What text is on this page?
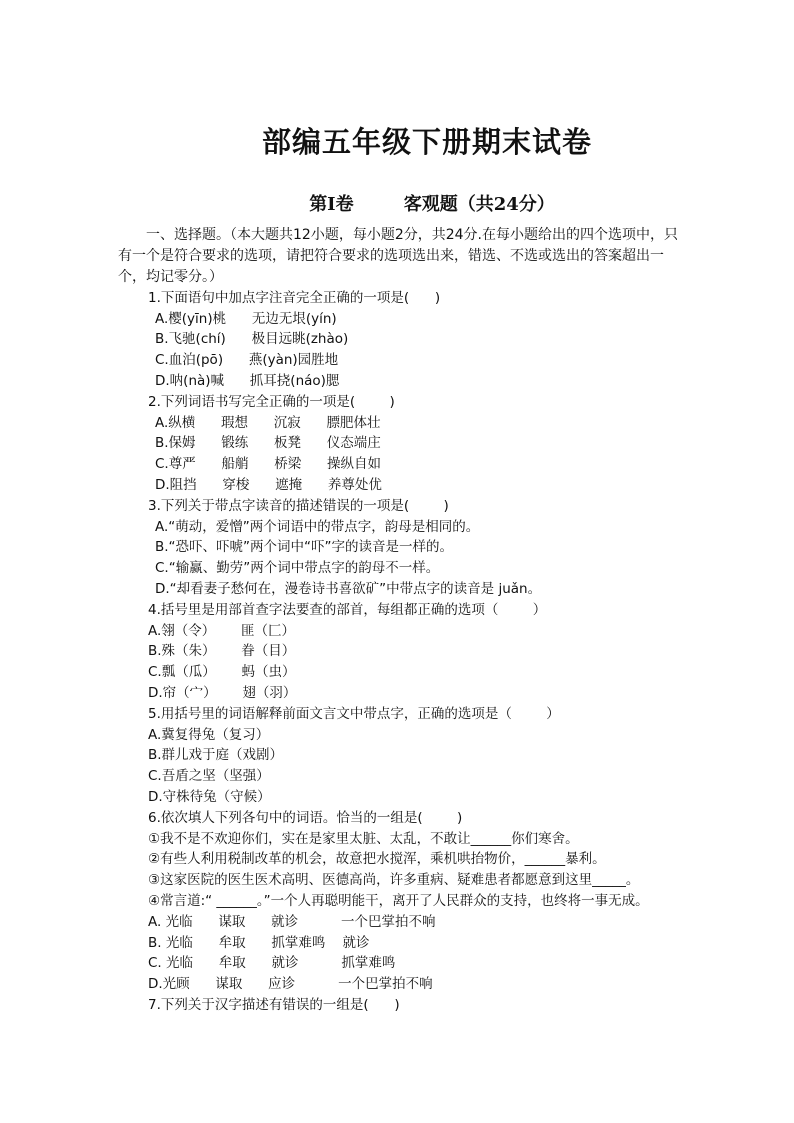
部编五年级下册期末试卷
第Ⅰ卷        客观题（共24分）
一、选择题。（本大题共12小题，每小题2分，共24分.在每小题给出的四个选项中，只有一个是符合要求的选项，请把符合要求的选项选出来，错选、不选或选出的答案超出一个，均记零分。）
1.下面语句中加点字注音完全正确的一项是(      )
A.樱(yīn)桃      无边无垠(yín)
B.飞驰(chí)      极目远眺(zhào)
C.血泊(pō)      燕(yàn)园胜地
D.呐(nà)喊      抓耳挠(náo)腮
2.下列词语书写完全正确的一项是(        )
A.纵横      瑕想      沉寂      膘肥体壮
B.保姆      锻练      板凳      仪态端庄
C.尊严      船艄      桥梁      操纵自如
D.阻挡      穿梭      遮掩      养尊处优
3.下列关于带点字读音的描述错误的一项是(        )
A.“萌动，爱憎”两个词语中的带点字，韵母是相同的。
B.“恐吓、吓唬”两个词中“吓”字的读音是一样的。
C.“输赢、勤劳”两个词中带点字的韵母不一样。
D.“却看妻子愁何在，漫卷诗书喜欲矿”中带点字的读音是 juǎn。
4.括号里是用部首查字法要查的部首，每组都正确的选项（        ）
A.翎（令）      匪（匚）
B.殊（朱）      眷（目）
C.瓢（瓜）      蚂（虫）
D.帘（宀）      翅（羽）
5.用括号里的词语解释前面文言文中带点字，正确的选项是（        ）
A.冀复得兔（复习）
B.群儿戏于庭（戏剧）
C.吾盾之坚（坚强）
D.守株待兔（守候）
6.依次填人下列各句中的词语。恰当的一组是(        )
①我不是不欢迎你们，实在是家里太脏、太乱，不敢让______你们寒舍。
②有些人利用税制改革的机会，故意把水搅浑，乘机哄抬物价，______暴利。
③这家医院的医生医术高明、医德高尚，许多重病、疑难患者都愿意到这里_____。
④常言道:“ ______。”一个人再聪明能干，离开了人民群众的支持，也终将一事无成。
A. 光临      谋取      就诊          一个巴掌拍不响
B. 光临      牟取      抓掌难鸣    就诊
C. 光临      牟取      就诊          抓掌难鸣
D.光顾      谋取      应诊          一个巴掌拍不响
7.下列关于汉字描述有错误的一组是(      )
